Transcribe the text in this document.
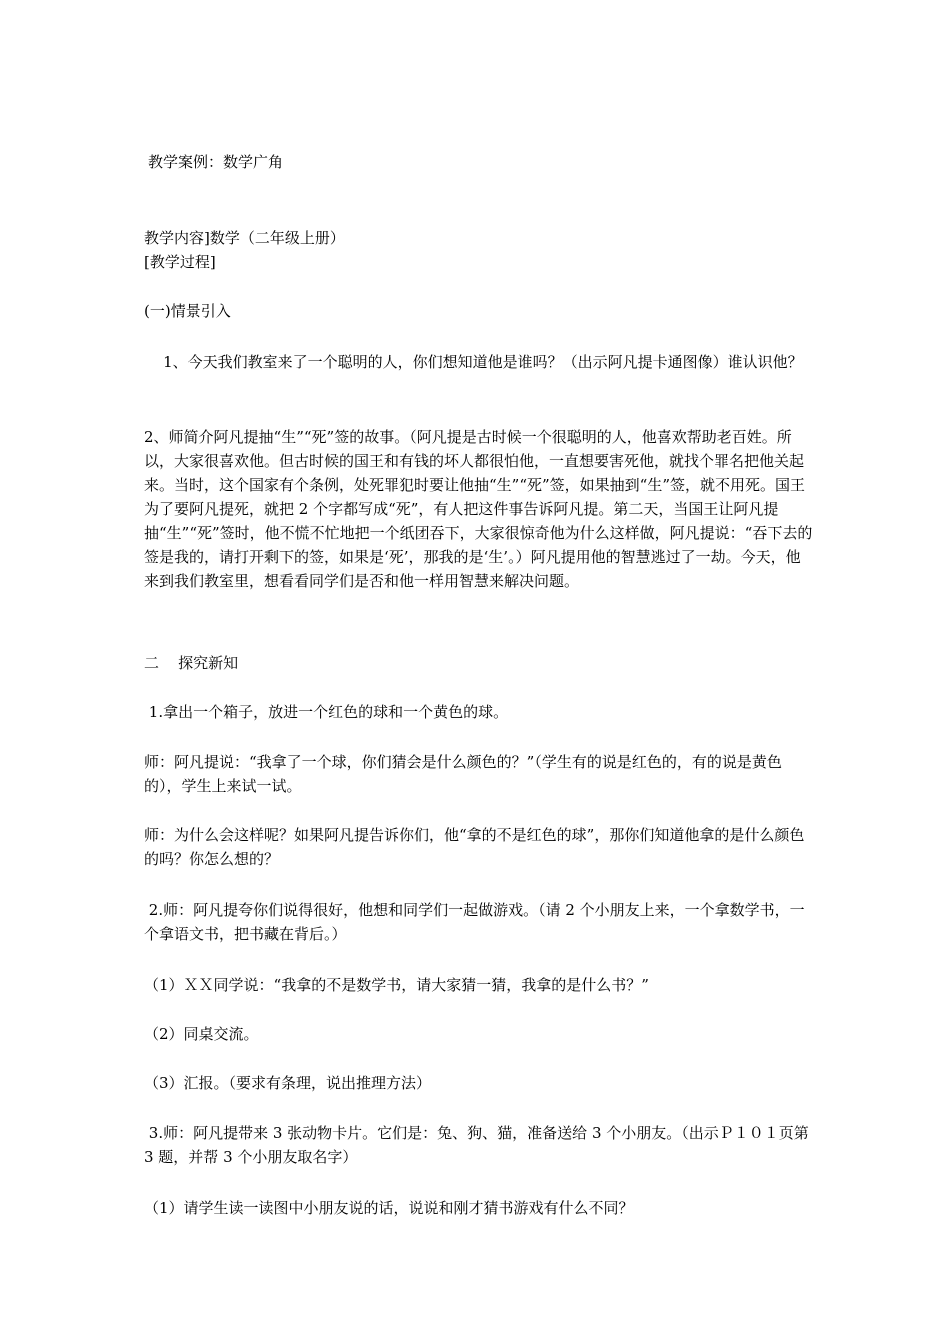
教学案例：数学广角

教学内容]数学（二年级上册）

[教学过程]

(一)情景引入

1、今天我们教室来了一个聪明的人，你们想知道他是谁吗？（出示阿凡提卡通图像）谁认识他？

2、师简介阿凡提抽“生”“死”签的故事。（阿凡提是古时候一个很聪明的人，他喜欢帮助老百姓。所以，大家很喜欢他。但古时候的国王和有钱的坏人都很怕他，一直想要害死他，就找个罪名把他关起来。当时，这个国家有个条例，处死罪犯时要让他抽“生”“死”签，如果抽到“生”签，就不用死。国王为了要阿凡提死，就把 2 个字都写成“死”，有人把这件事告诉阿凡提。第二天，当国王让阿凡提抽“生”“死”签时，他不慌不忙地把一个纸团吞下，大家很惊奇他为什么这样做，阿凡提说：“吞下去的签是我的，请打开剩下的签，如果是‘死’，那我的是‘生’。）阿凡提用他的智慧逃过了一劫。今天，他来到我们教室里，想看看同学们是否和他一样用智慧来解决问题。

二    探究新知

1.拿出一个箱子，放进一个红色的球和一个黄色的球。

师：阿凡提说：“我拿了一个球，你们猜会是什么颜色的？”（学生有的说是红色的，有的说是黄色的），学生上来试一试。

师：为什么会这样呢？如果阿凡提告诉你们，他“拿的不是红色的球”，那你们知道他拿的是什么颜色的吗？你怎么想的？

2.师：阿凡提夸你们说得很好，他想和同学们一起做游戏。（请 2 个小朋友上来，一个拿数学书，一个拿语文书，把书藏在背后。）

（1）ＸＸ同学说：“我拿的不是数学书，请大家猜一猜，我拿的是什么书？”

（2）同桌交流。

（3）汇报。（要求有条理，说出推理方法）

3.师：阿凡提带来 3 张动物卡片。它们是：兔、狗、猫，准备送给 3 个小朋友。（出示Ｐ１０１页第 3 题，并帮 3 个小朋友取名字）

（1）请学生读一读图中小朋友说的话，说说和刚才猜书游戏有什么不同？
